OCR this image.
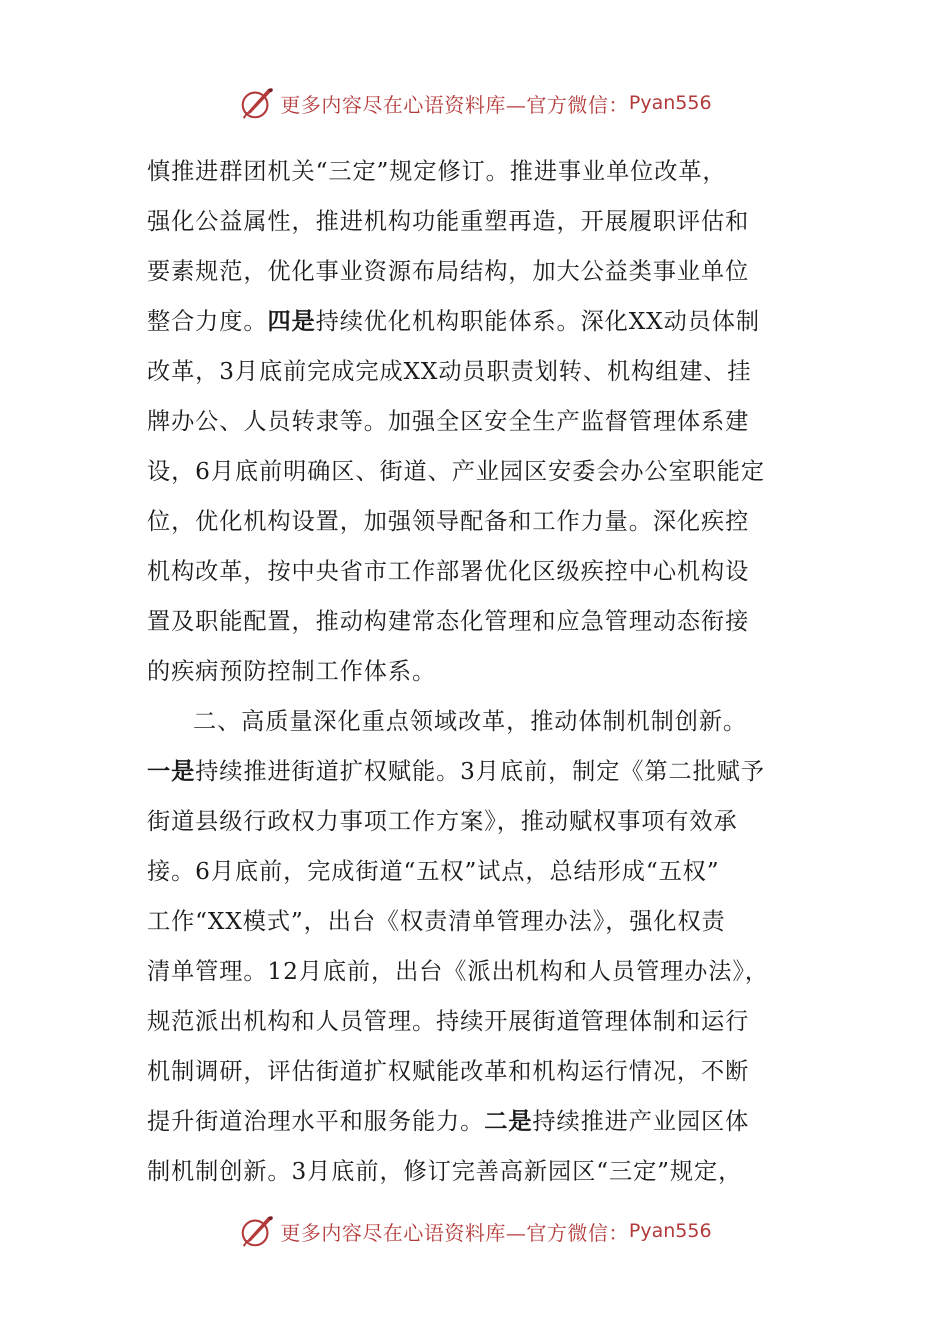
更多内容尽在心语资料库—官方微信： Pyan556
慎推进群团机关“三定”规定修订。推进事业单位改革，
强化公益属性，推进机构功能重塑再造，开展履职评估和
要素规范，优化事业资源布局结构，加大公益类事业单位
整合力度。四是持续优化机构职能体系。深化XX动员体制
改革，3月底前完成完成XX动员职责划转、机构组建、挂
牌办公、人员转隶等。加强全区安全生产监督管理体系建
设，6月底前明确区、街道、产业园区安委会办公室职能定
位，优化机构设置，加强领导配备和工作力量。深化疾控
机构改革，按中央省市工作部署优化区级疾控中心机构设
置及职能配置，推动构建常态化管理和应急管理动态衔接
的疾病预防控制工作体系。
二、高质量深化重点领域改革，推动体制机制创新。
一是持续推进街道扩权赋能。3月底前，制定《第二批赋予
街道县级行政权力事项工作方案》，推动赋权事项有效承
接。6月底前，完成街道“五权”试点，总结形成“五权”
工作“XX模式”，出台《权责清单管理办法》，强化权责
清单管理。12月底前，出台《派出机构和人员管理办法》，
规范派出机构和人员管理。持续开展街道管理体制和运行
机制调研，评估街道扩权赋能改革和机构运行情况，不断
提升街道治理水平和服务能力。二是持续推进产业园区体
制机制创新。3月底前，修订完善高新园区“三定”规定，
更多内容尽在心语资料库—官方微信： Pyan556
